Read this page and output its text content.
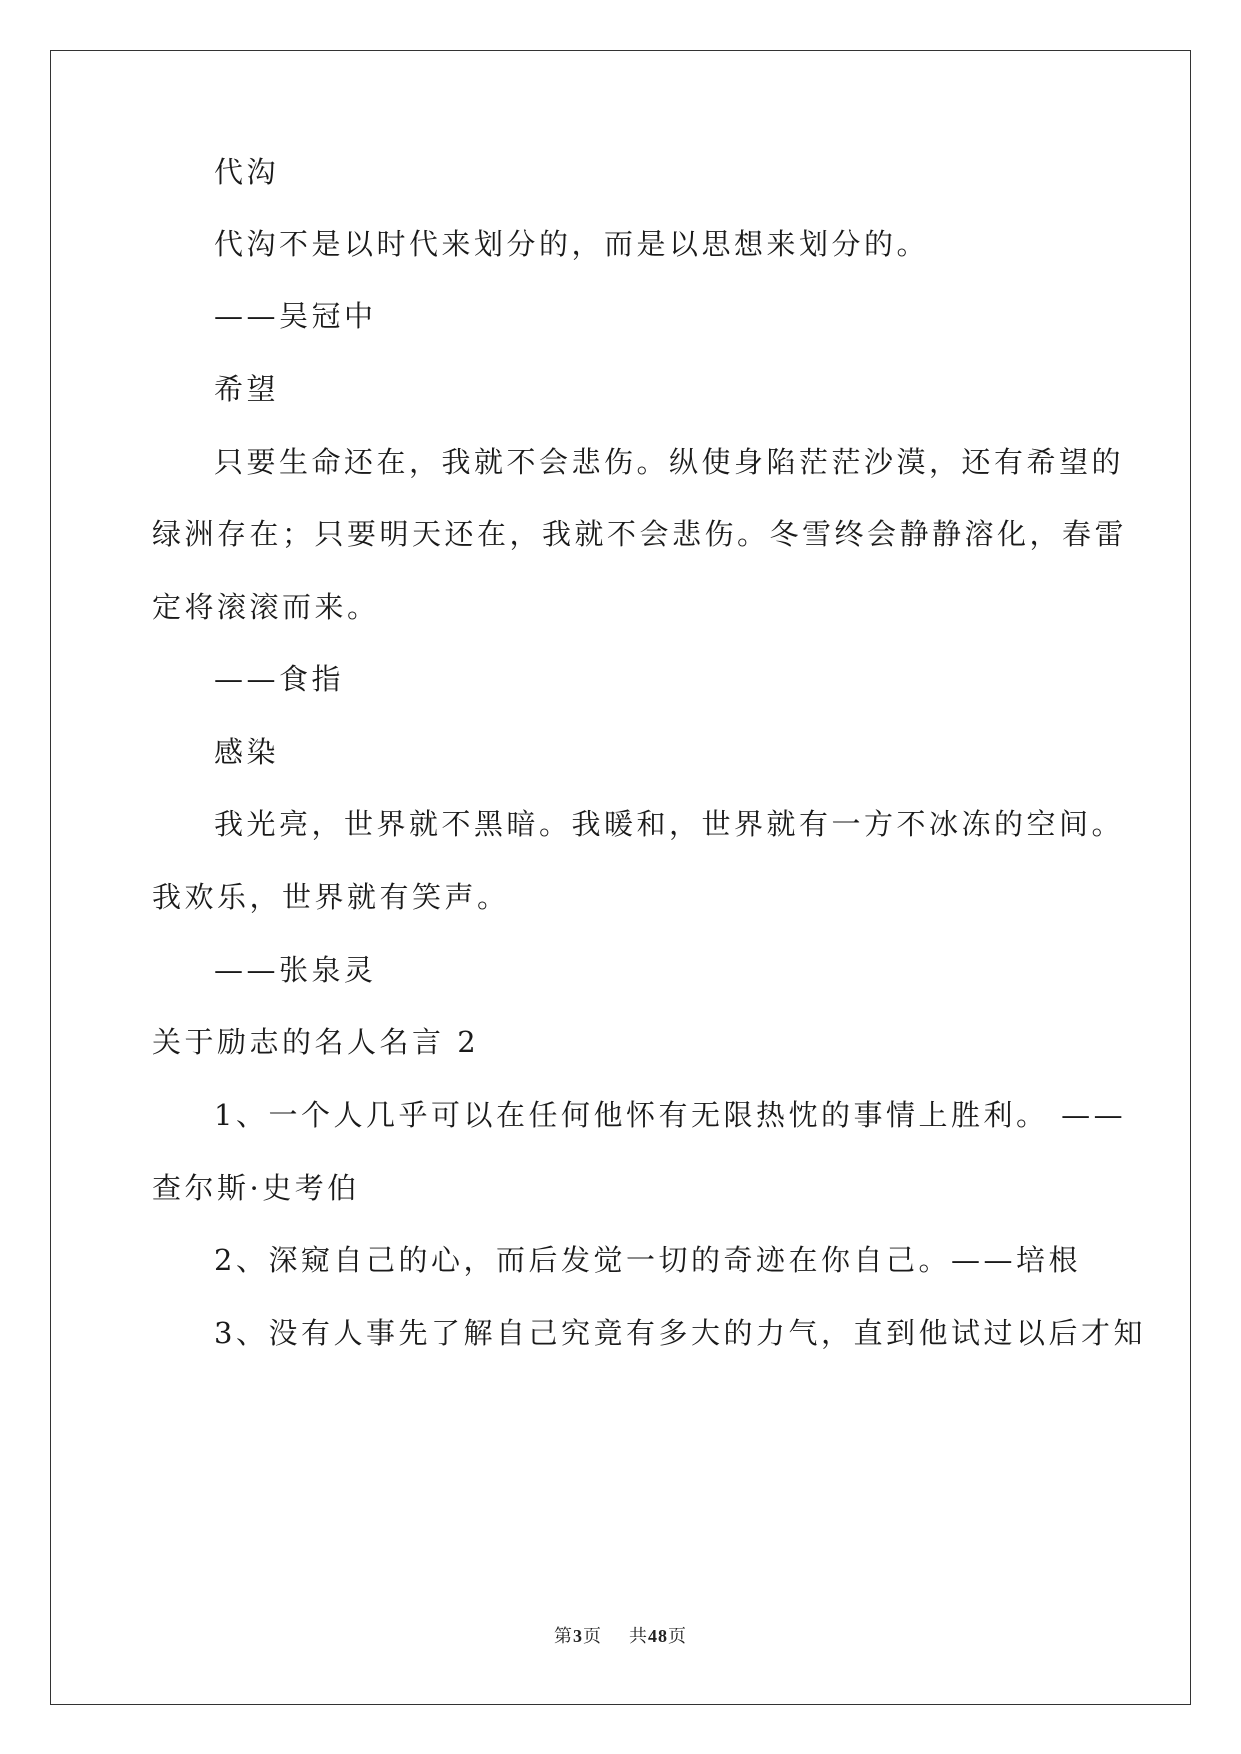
代沟
代沟不是以时代来划分的，而是以思想来划分的。
——吴冠中
希望
只要生命还在，我就不会悲伤。纵使身陷茫茫沙漠，还有希望的
绿洲存在；只要明天还在，我就不会悲伤。冬雪终会静静溶化，春雷
定将滚滚而来。
——食指
感染
我光亮，世界就不黑暗。我暖和，世界就有一方不冰冻的空间。
我欢乐，世界就有笑声。
——张泉灵
关于励志的名人名言 2
1、一个人几乎可以在任何他怀有无限热忱的事情上胜利。 ——
查尔斯·史考伯
2、深窥自己的心，而后发觉一切的奇迹在你自己。——培根
3、没有人事先了解自己究竟有多大的力气，直到他试过以后才知
第3页 共48页
